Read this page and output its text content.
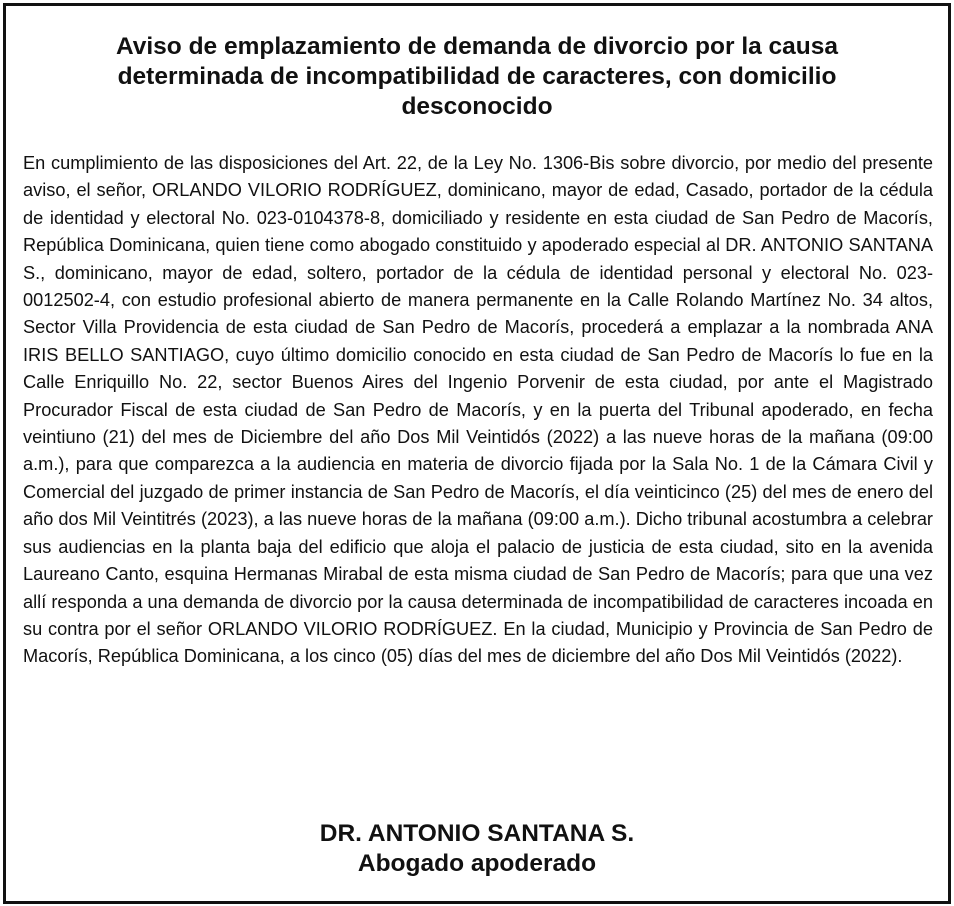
Aviso de emplazamiento de demanda de divorcio por la causa determinada de incompatibilidad de caracteres, con domicilio desconocido

En cumplimiento de las disposiciones del Art. 22, de la Ley No. 1306-Bis sobre divorcio, por medio del presente aviso, el señor, ORLANDO VILORIO RODRÍGUEZ, dominicano, mayor de edad, Casado, portador de la cédula de identidad y electoral No. 023-0104378-8, domiciliado y residente en esta ciudad de San Pedro de Macorís, República Dominicana, quien tiene como abogado constituido y apoderado especial al DR. ANTONIO SANTANA S., dominicano, mayor de edad, soltero, portador de la cédula de identidad personal y electoral No. 023-0012502-4, con estudio profesional abierto de manera permanente en la Calle Rolando Martínez No. 34 altos, Sector Villa Providencia de esta ciudad de San Pedro de Macorís, procederá a emplazar a la nombrada ANA IRIS BELLO SANTIAGO, cuyo último domicilio conocido en esta ciudad de San Pedro de Macorís lo fue en la Calle Enriquillo No. 22, sector Buenos Aires del Ingenio Porvenir de esta ciudad, por ante el Magistrado Procurador Fiscal de esta ciudad de San Pedro de Macorís, y en la puerta del Tribunal apoderado, en fecha veintiuno (21) del mes de Diciembre del año Dos Mil Veintidós (2022) a las nueve horas de la mañana (09:00 a.m.), para que comparezca a la audiencia en materia de divorcio fijada por la Sala No. 1 de la Cámara Civil y Comercial del juzgado de primer instancia de San Pedro de Macorís, el día veinticinco (25) del mes de enero del año dos Mil Veintitrés (2023), a las nueve horas de la mañana (09:00 a.m.). Dicho tribunal acostumbra a celebrar sus audiencias en la planta baja del edificio que aloja el palacio de justicia de esta ciudad, sito en la avenida Laureano Canto, esquina Hermanas Mirabal de esta misma ciudad de San Pedro de Macorís; para que una vez allí responda a una demanda de divorcio por la causa determinada de incompatibilidad de caracteres incoada en su contra por el señor ORLANDO VILORIO RODRÍGUEZ. En la ciudad, Municipio y Provincia de San Pedro de Macorís, República Dominicana, a los cinco (05) días del mes de diciembre del año Dos Mil Veintidós (2022).

DR. ANTONIO SANTANA S.
Abogado apoderado
